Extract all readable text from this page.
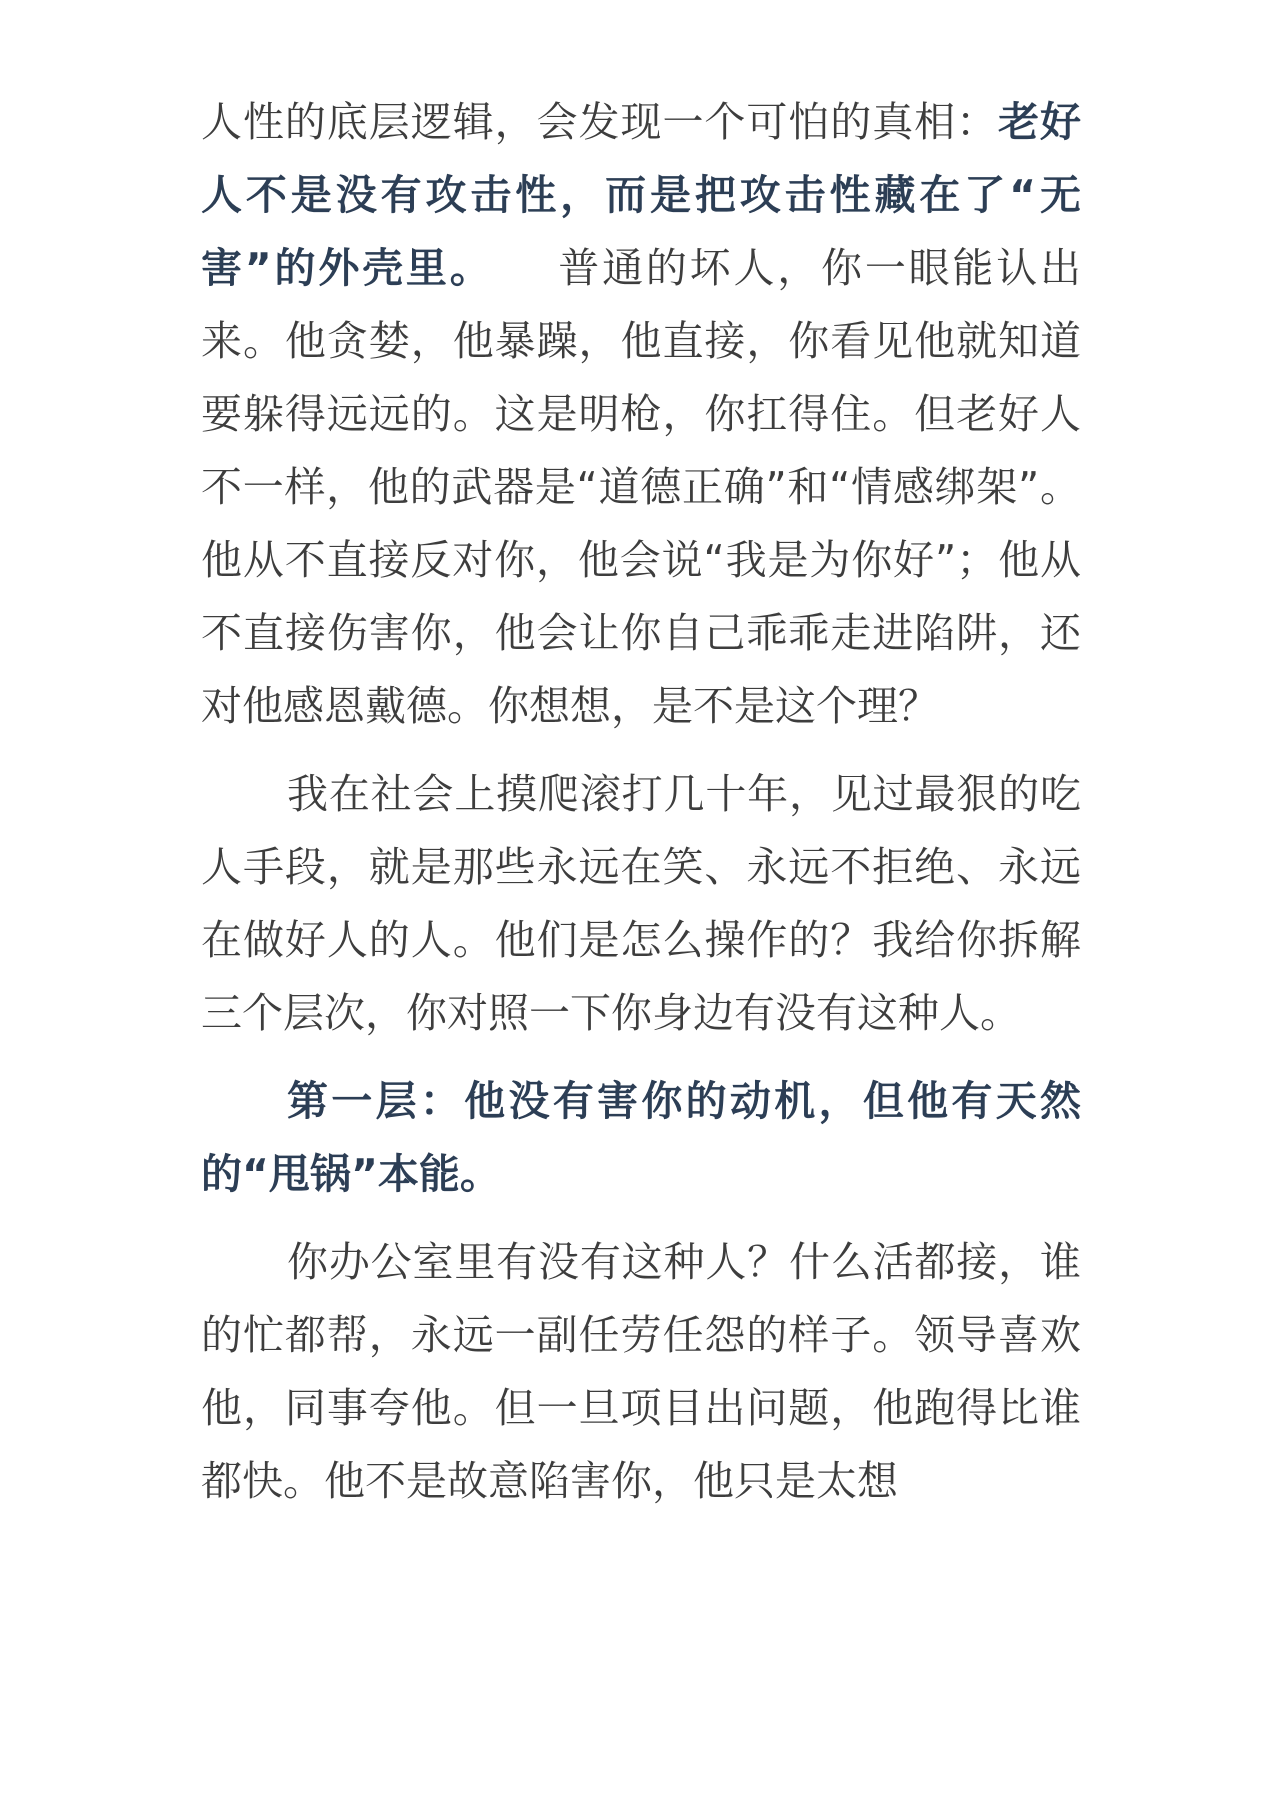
人性的底层逻辑，会发现一个可怕的真相：老好人不是没有攻击性，而是把攻击性藏在了“无害”的外壳里。 普通的坏人，你一眼能认出来。他贪婪，他暴躁，他直接，你看见他就知道要躲得远远的。这是明枪，你扛得住。但老好人不一样，他的武器是“道德正确”和“情感绑架”。他从不直接反对你，他会说“我是为你好”；他从不直接伤害你，他会让你自己乖乖走进陷阱，还对他感恩戴德。你想想，是不是这个理？

我在社会上摸爬滚打几十年，见过最狠的吃人手段，就是那些永远在笑、永远不拒绝、永远在做好人的人。他们是怎么操作的？我给你拆解三个层次，你对照一下你身边有没有这种人。

第一层：他没有害你的动机，但他有天然的“甩锅”本能。

你办公室里有没有这种人？什么活都接，谁的忙都帮，永远一副任劳任怨的样子。领导喜欢他，同事夸他。但一旦项目出问题，他跑得比谁都快。他不是故意陷害你，他只是太想
